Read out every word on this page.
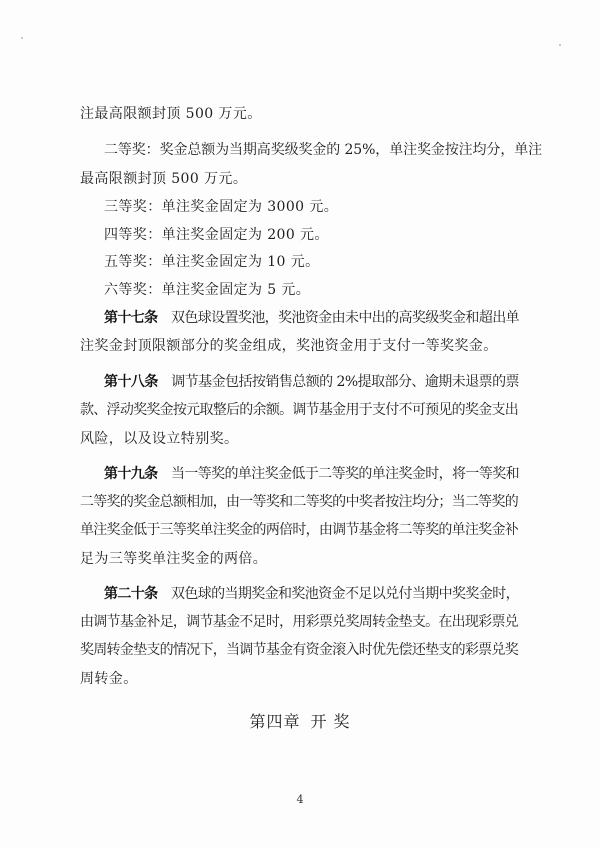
注最高限额封顶 500 万元。
二等奖：奖金总额为当期高奖级奖金的 25%，单注奖金按注均分，单注
最高限额封顶 500 万元。
三等奖：单注奖金固定为 3000 元。
四等奖：单注奖金固定为 200 元。
五等奖：单注奖金固定为 10 元。
六等奖：单注奖金固定为 5 元。
第十七条  双色球设置奖池，奖池资金由未中出的高奖级奖金和超出单
注奖金封顶限额部分的奖金组成，奖池资金用于支付一等奖奖金。
第十八条  调节基金包括按销售总额的 2%提取部分、逾期未退票的票
款、浮动奖奖金按元取整后的余额。调节基金用于支付不可预见的奖金支出
风险，以及设立特别奖。
第十九条  当一等奖的单注奖金低于二等奖的单注奖金时，将一等奖和
二等奖的奖金总额相加，由一等奖和二等奖的中奖者按注均分；当二等奖的
单注奖金低于三等奖单注奖金的两倍时，由调节基金将二等奖的单注奖金补
足为三等奖单注奖金的两倍。
第二十条  双色球的当期奖金和奖池资金不足以兑付当期中奖奖金时，
由调节基金补足，调节基金不足时，用彩票兑奖周转金垫支。在出现彩票兑
奖周转金垫支的情况下，当调节基金有资金滚入时优先偿还垫支的彩票兑奖
周转金。
第四章 开 奖
4
